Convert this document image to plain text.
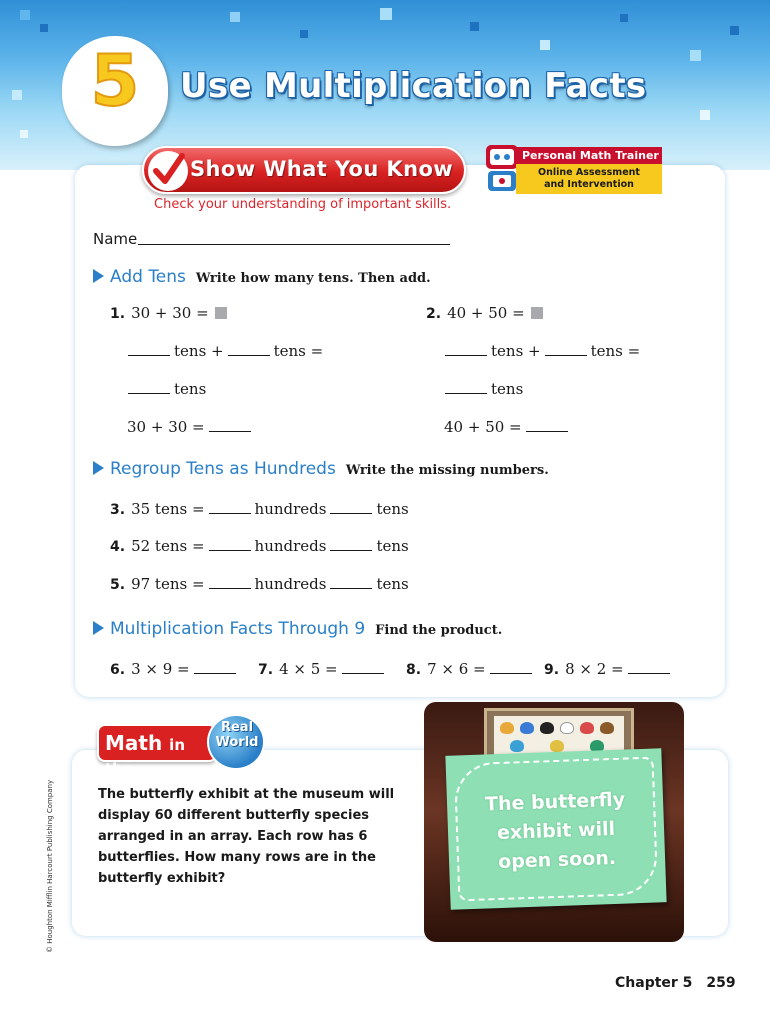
5	Use Multiplication Facts
Show What You Know
Personal Math Trainer
Online Assessment
and Intervention
Check your understanding of important skills.
Name
Add Tens Write how many tens. Then add.
1. 30 + 30 =
tens +	tens =
tens
30 + 30 =
2. 40 + 50 =
tens +	tens =
tens
40 + 50 =
Regroup Tens as Hundreds Write the missing numbers.
3. 35 tens =	hundreds	tens
4. 52 tens =	hundreds	tens
5. 97 tens =	hundreds	tens
Multiplication Facts Through 9 Find the product.
6. 3 × 9 =	7. 4 × 5 =	8. 7 × 6 =	9. 8 × 2 =
Math in the
Real
World
The butterfly exhibit at the museum will display 60 different butterfly species arranged in an array. Each row has 6 butterflies. How many rows are in the butterfly exhibit?
The butterfly
exhibit will
open soon.
© Houghton Mifflin Harcourt Publishing Company
Chapter 5 259
